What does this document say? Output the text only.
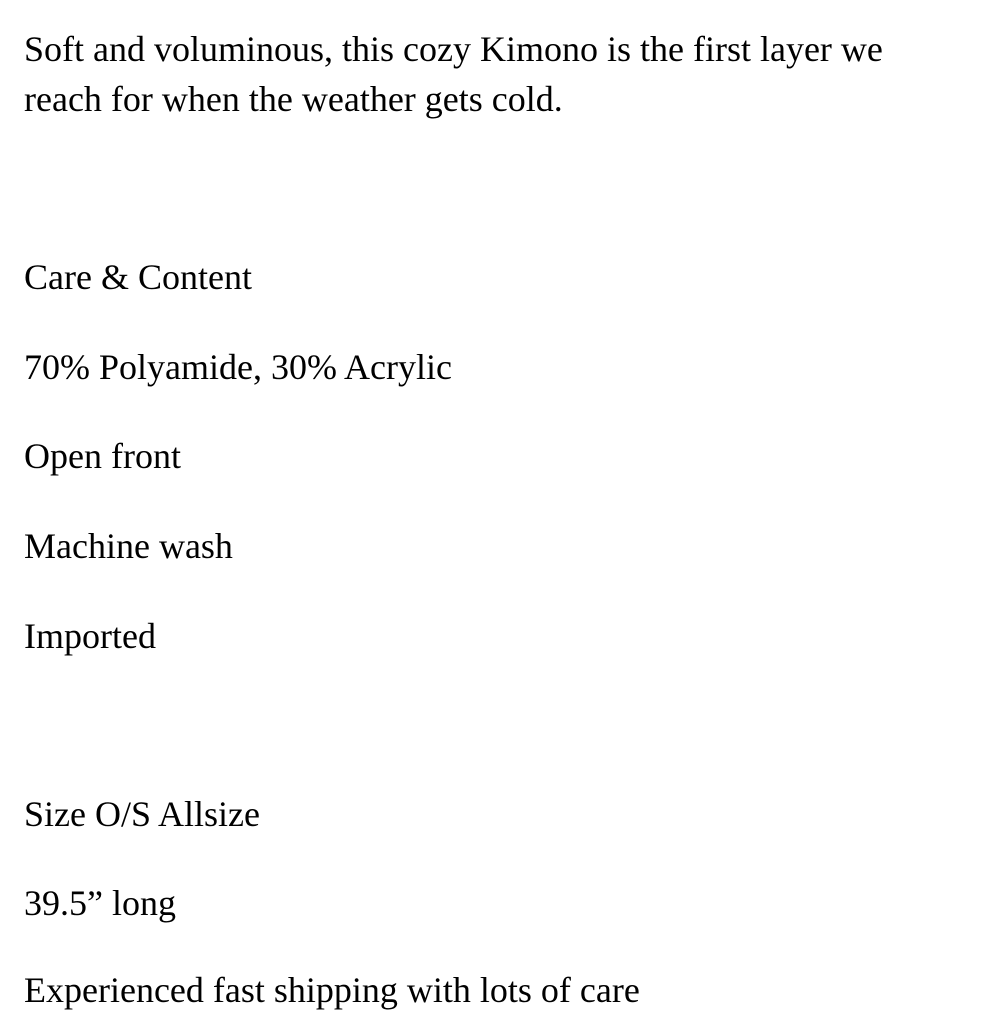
Soft and voluminous, this cozy Kimono is the first layer we

reach for when the weather gets cold.

Care & Content

70% Polyamide, 30% Acrylic

Open front

Machine wash

Imported

Size O/S Allsize

39.5” long

Experienced fast shipping with lots of care
